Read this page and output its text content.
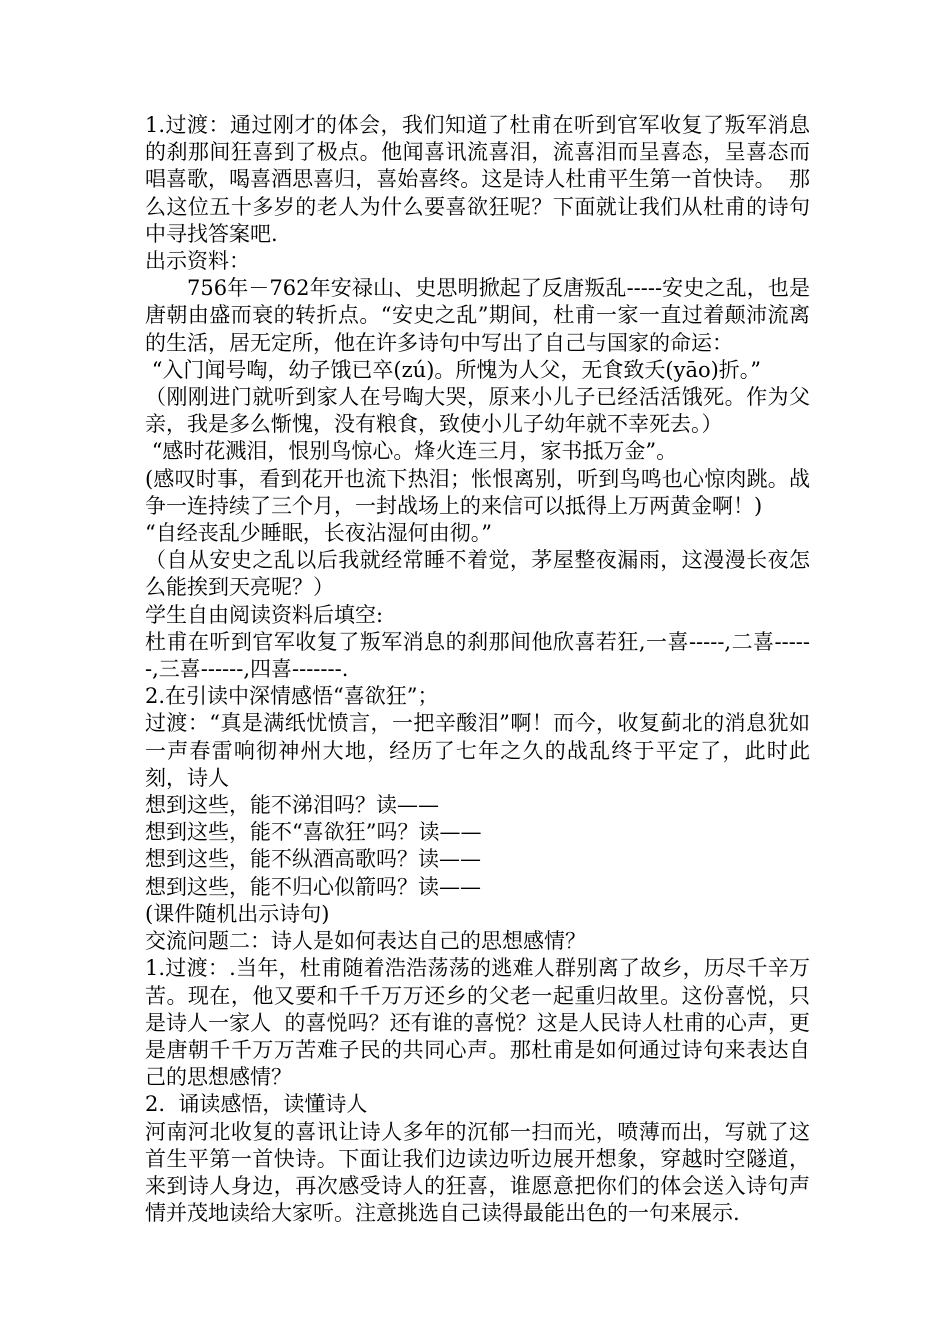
1.过渡：通过刚才的体会，我们知道了杜甫在听到官军收复了叛军消息的刹那间狂喜到了极点。他闻喜讯流喜泪，流喜泪而呈喜态，呈喜态而唱喜歌，喝喜酒思喜归，喜始喜终。这是诗人杜甫平生第一首快诗。  那么这位五十多岁的老人为什么要喜欲狂呢？下面就让我们从杜甫的诗句中寻找答案吧.

出示资料：

756年－762年安禄山、史思明掀起了反唐叛乱-----安史之乱，也是唐朝由盛而衰的转折点。“安史之乱”期间，杜甫一家一直过着颠沛流离的生活，居无定所，他在许多诗句中写出了自己与国家的命运：

“入门闻号啕，幼子饿已卒(zú)。所愧为人父，无食致夭(yāo)折。”

（刚刚进门就听到家人在号啕大哭，原来小儿子已经活活饿死。作为父亲，我是多么惭愧，没有粮食，致使小儿子幼年就不幸死去。）

“感时花溅泪，恨别鸟惊心。烽火连三月，家书抵万金”。

(感叹时事，看到花开也流下热泪；怅恨离别，听到鸟鸣也心惊肉跳。战争一连持续了三个月，一封战场上的来信可以抵得上万两黄金啊！)

“自经丧乱少睡眠，长夜沾湿何由彻。”

（自从安史之乱以后我就经常睡不着觉，茅屋整夜漏雨，这漫漫长夜怎么能挨到天亮呢？）

学生自由阅读资料后填空:

杜甫在听到官军收复了叛军消息的刹那间他欣喜若狂,一喜-----,二喜------,三喜------,四喜-------.

2.在引读中深情感悟“喜欲狂”；

过渡：“真是满纸忧愤言，一把辛酸泪”啊！而今，收复蓟北的消息犹如一声春雷响彻神州大地，经历了七年之久的战乱终于平定了，此时此刻，诗人

想到这些，能不涕泪吗？读——

想到这些，能不“喜欲狂”吗？读——

想到这些，能不纵酒高歌吗？读——

想到这些，能不归心似箭吗？读——

(课件随机出示诗句)

交流问题二：诗人是如何表达自己的思想感情？

1.过渡：.当年，杜甫随着浩浩荡荡的逃难人群别离了故乡，历尽千辛万苦。现在，他又要和千千万万还乡的父老一起重归故里。这份喜悦，只是诗人一家人  的喜悦吗？还有谁的喜悦？这是人民诗人杜甫的心声，更是唐朝千千万万苦难子民的共同心声。那杜甫是如何通过诗句来表达自己的思想感情？

2.  诵读感悟，读懂诗人

河南河北收复的喜讯让诗人多年的沉郁一扫而光，喷薄而出，写就了这首生平第一首快诗。下面让我们边读边听边展开想象，穿越时空隧道，来到诗人身边，再次感受诗人的狂喜，谁愿意把你们的体会送入诗句声情并茂地读给大家听。注意挑选自己读得最能出色的一句来展示.
